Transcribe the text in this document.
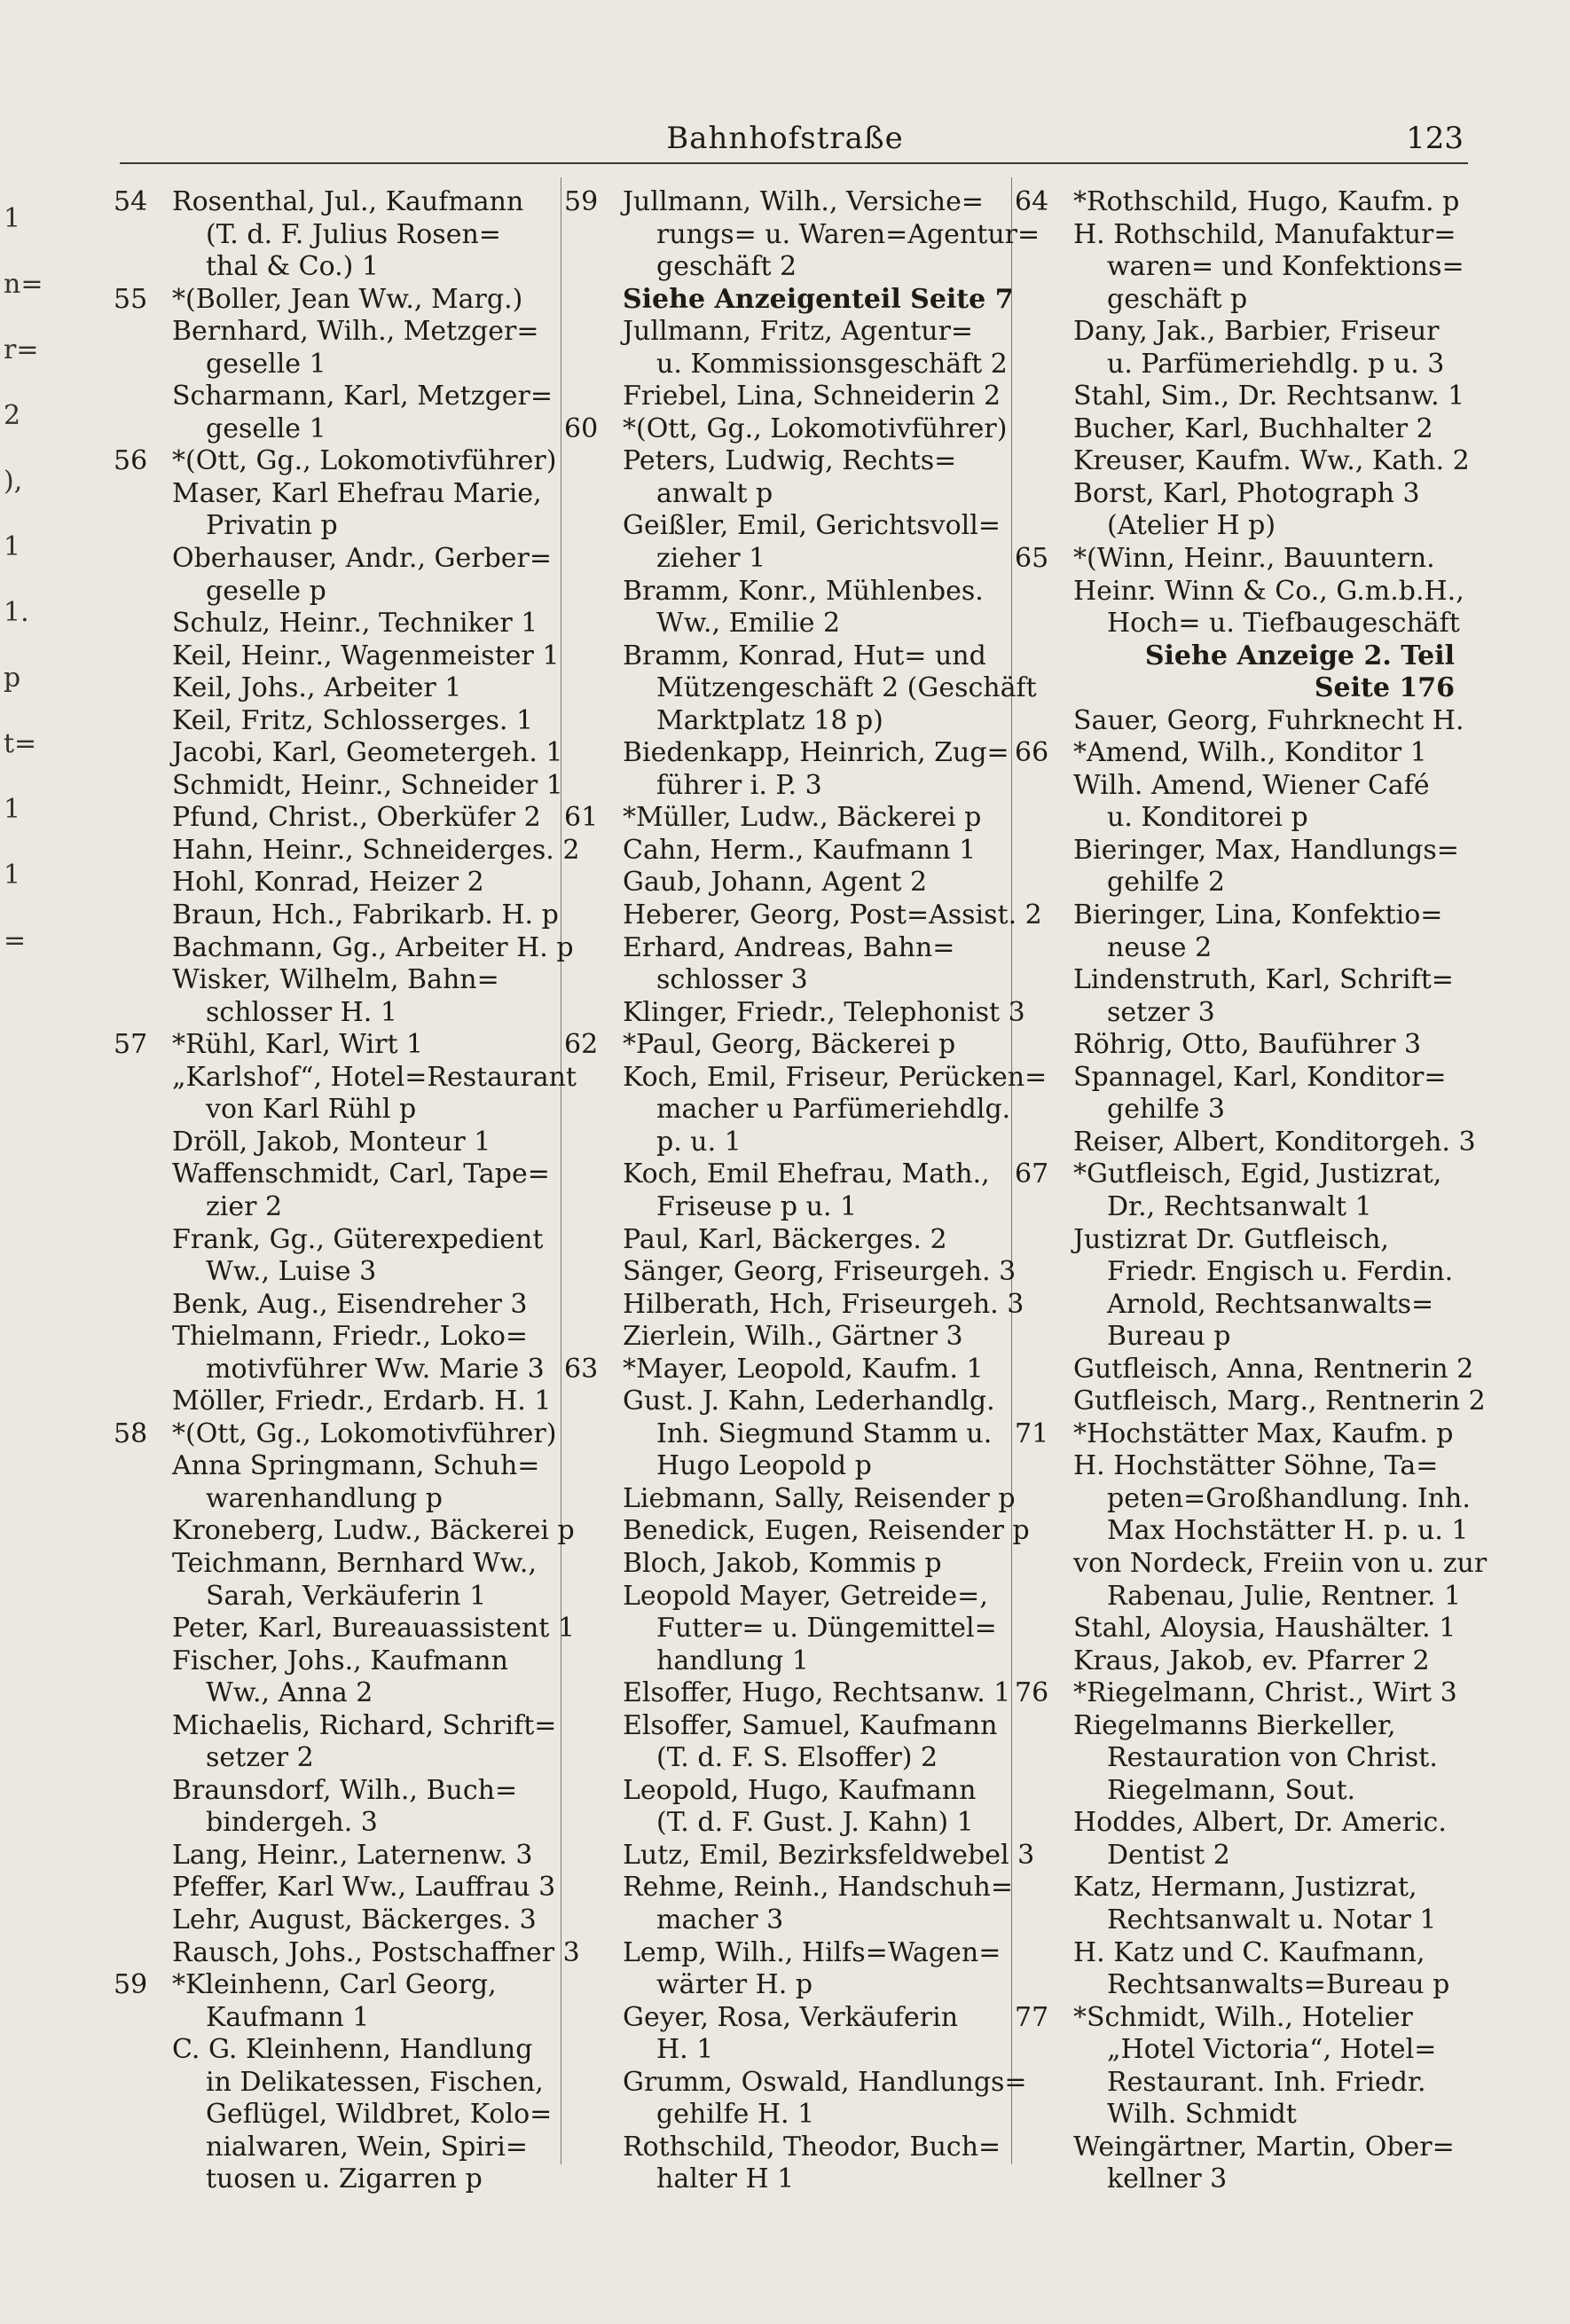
1
n=
r=
2
),
1
1.
p
t=
1
1
=
Bahnhofstraße	123
54 Rosenthal, Jul., Kaufmann
(T. d. F. Julius Rosen=
thal & Co.) 1
55 *(Boller, Jean Ww., Marg.)
Bernhard, Wilh., Metzger=
geselle 1
Scharmann, Karl, Metzger=
geselle 1
56 *(Ott, Gg., Lokomotivführer)
Maser, Karl Ehefrau Marie,
Privatin p
Oberhauser, Andr., Gerber=
geselle p
Schulz, Heinr., Techniker 1
Keil, Heinr., Wagenmeister 1
Keil, Johs., Arbeiter 1
Keil, Fritz, Schlosserges. 1
Jacobi, Karl, Geometergeh. 1
Schmidt, Heinr., Schneider 1
Pfund, Christ., Oberküfer 2
Hahn, Heinr., Schneiderges. 2
Hohl, Konrad, Heizer 2
Braun, Hch., Fabrikarb. H. p
Bachmann, Gg., Arbeiter H. p
Wisker, Wilhelm, Bahn=
schlosser H. 1
57 *Rühl, Karl, Wirt 1
„Karlshof“, Hotel=Restaurant
von Karl Rühl p
Dröll, Jakob, Monteur 1
Waffenschmidt, Carl, Tape=
zier 2
Frank, Gg., Güterexpedient
Ww., Luise 3
Benk, Aug., Eisendreher 3
Thielmann, Friedr., Loko=
motivführer Ww. Marie 3
Möller, Friedr., Erdarb. H. 1
58 *(Ott, Gg., Lokomotivführer)
Anna Springmann, Schuh=
warenhandlung p
Kroneberg, Ludw., Bäckerei p
Teichmann, Bernhard Ww.,
Sarah, Verkäuferin 1
Peter, Karl, Bureauassistent 1
Fischer, Johs., Kaufmann
Ww., Anna 2
Michaelis, Richard, Schrift=
setzer 2
Braunsdorf, Wilh., Buch=
bindergeh. 3
Lang, Heinr., Laternenw. 3
Pfeffer, Karl Ww., Lauffrau 3
Lehr, August, Bäckerges. 3
Rausch, Johs., Postschaffner 3
59 *Kleinhenn, Carl Georg,
Kaufmann 1
C. G. Kleinhenn, Handlung
in Delikatessen, Fischen,
Geflügel, Wildbret, Kolo=
nialwaren, Wein, Spiri=
tuosen u. Zigarren p
59 Jullmann, Wilh., Versiche=
rungs= u. Waren=Agentur=
geschäft 2
Siehe Anzeigenteil Seite 7
Jullmann, Fritz, Agentur=
u. Kommissionsgeschäft 2
Friebel, Lina, Schneiderin 2
60 *(Ott, Gg., Lokomotivführer)
Peters, Ludwig, Rechts=
anwalt p
Geißler, Emil, Gerichtsvoll=
zieher 1
Bramm, Konr., Mühlenbes.
Ww., Emilie 2
Bramm, Konrad, Hut= und
Mützengeschäft 2 (Geschäft
Marktplatz 18 p)
Biedenkapp, Heinrich, Zug=
führer i. P. 3
61 *Müller, Ludw., Bäckerei p
Cahn, Herm., Kaufmann 1
Gaub, Johann, Agent 2
Heberer, Georg, Post=Assist. 2
Erhard, Andreas, Bahn=
schlosser 3
Klinger, Friedr., Telephonist 3
62 *Paul, Georg, Bäckerei p
Koch, Emil, Friseur, Perücken=
macher u Parfümeriehdlg.
p. u. 1
Koch, Emil Ehefrau, Math.,
Friseuse p u. 1
Paul, Karl, Bäckerges. 2
Sänger, Georg, Friseurgeh. 3
Hilberath, Hch, Friseurgeh. 3
Zierlein, Wilh., Gärtner 3
63 *Mayer, Leopold, Kaufm. 1
Gust. J. Kahn, Lederhandlg.
Inh. Siegmund Stamm u.
Hugo Leopold p
Liebmann, Sally, Reisender p
Benedick, Eugen, Reisender p
Bloch, Jakob, Kommis p
Leopold Mayer, Getreide=,
Futter= u. Düngemittel=
handlung 1
Elsoffer, Hugo, Rechtsanw. 1
Elsoffer, Samuel, Kaufmann
(T. d. F. S. Elsoffer) 2
Leopold, Hugo, Kaufmann
(T. d. F. Gust. J. Kahn) 1
Lutz, Emil, Bezirksfeldwebel 3
Rehme, Reinh., Handschuh=
macher 3
Lemp, Wilh., Hilfs=Wagen=
wärter H. p
Geyer, Rosa, Verkäuferin
H. 1
Grumm, Oswald, Handlungs=
gehilfe H. 1
Rothschild, Theodor, Buch=
halter H 1
64 *Rothschild, Hugo, Kaufm. p
H. Rothschild, Manufaktur=
waren= und Konfektions=
geschäft p
Dany, Jak., Barbier, Friseur
u. Parfümeriehdlg. p u. 3
Stahl, Sim., Dr. Rechtsanw. 1
Bucher, Karl, Buchhalter 2
Kreuser, Kaufm. Ww., Kath. 2
Borst, Karl, Photograph 3
(Atelier H p)
65 *(Winn, Heinr., Bauuntern.
Heinr. Winn & Co., G.m.b.H.,
Hoch= u. Tiefbaugeschäft
Siehe Anzeige 2. Teil
Seite 176
Sauer, Georg, Fuhrknecht H.
66 *Amend, Wilh., Konditor 1
Wilh. Amend, Wiener Café
u. Konditorei p
Bieringer, Max, Handlungs=
gehilfe 2
Bieringer, Lina, Konfektio=
neuse 2
Lindenstruth, Karl, Schrift=
setzer 3
Röhrig, Otto, Bauführer 3
Spannagel, Karl, Konditor=
gehilfe 3
Reiser, Albert, Konditorgeh. 3
67 *Gutfleisch, Egid, Justizrat,
Dr., Rechtsanwalt 1
Justizrat Dr. Gutfleisch,
Friedr. Engisch u. Ferdin.
Arnold, Rechtsanwalts=
Bureau p
Gutfleisch, Anna, Rentnerin 2
Gutfleisch, Marg., Rentnerin 2
71 *Hochstätter Max, Kaufm. p
H. Hochstätter Söhne, Ta=
peten=Großhandlung. Inh.
Max Hochstätter H. p. u. 1
von Nordeck, Freiin von u. zur
Rabenau, Julie, Rentner. 1
Stahl, Aloysia, Haushälter. 1
Kraus, Jakob, ev. Pfarrer 2
76 *Riegelmann, Christ., Wirt 3
Riegelmanns Bierkeller,
Restauration von Christ.
Riegelmann, Sout.
Hoddes, Albert, Dr. Americ.
Dentist 2
Katz, Hermann, Justizrat,
Rechtsanwalt u. Notar 1
H. Katz und C. Kaufmann,
Rechtsanwalts=Bureau p
77 *Schmidt, Wilh., Hotelier
„Hotel Victoria“, Hotel=
Restaurant. Inh. Friedr.
Wilh. Schmidt
Weingärtner, Martin, Ober=
kellner 3
